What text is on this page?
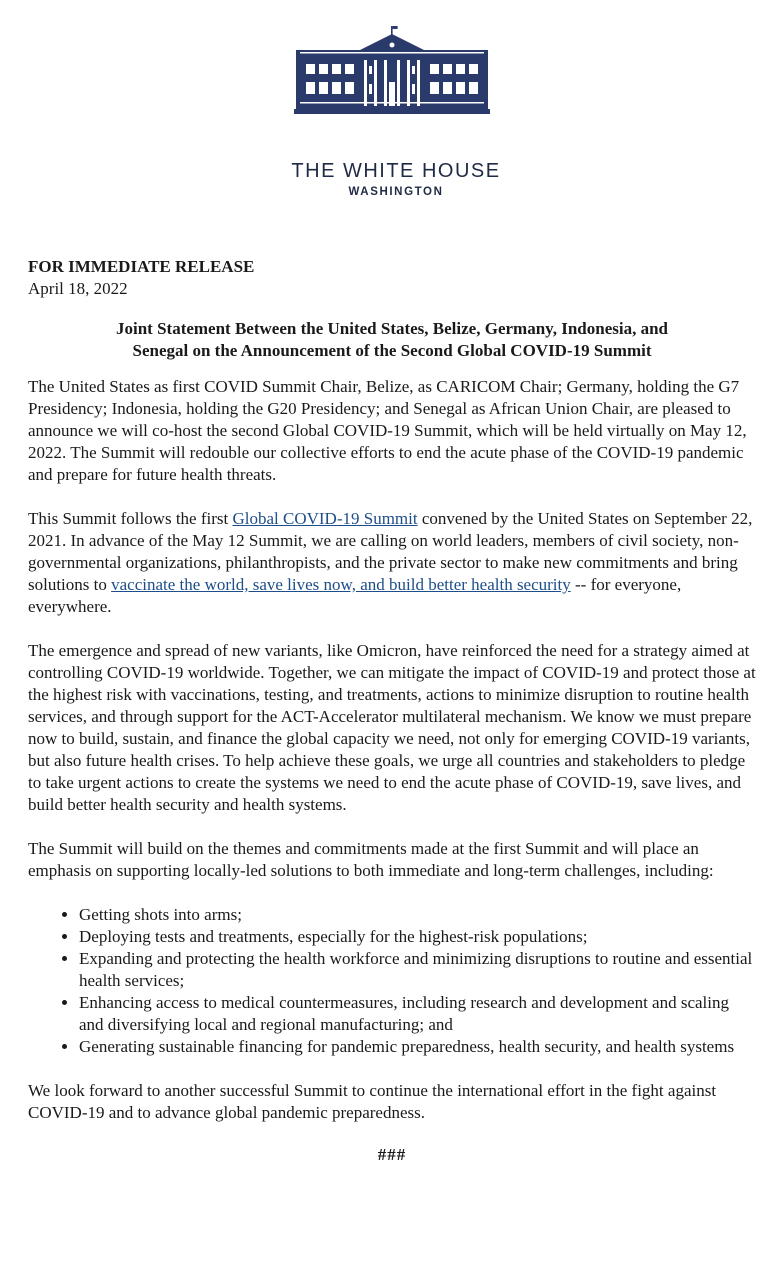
THE WHITE HOUSE
WASHINGTON
FOR IMMEDIATE RELEASE
April 18, 2022
Joint Statement Between the United States, Belize, Germany, Indonesia, and
Senegal on the Announcement of the Second Global COVID-19 Summit

The United States as first COVID Summit Chair, Belize, as CARICOM Chair; Germany, holding the G7 Presidency; Indonesia, holding the G20 Presidency; and Senegal as African Union Chair, are pleased to announce we will co-host the second Global COVID-19 Summit, which will be held virtually on May 12, 2022. The Summit will redouble our collective efforts to end the acute phase of the COVID-19 pandemic and prepare for future health threats.

This Summit follows the first Global COVID-19 Summit convened by the United States on September 22, 2021. In advance of the May 12 Summit, we are calling on world leaders, members of civil society, non-governmental organizations, philanthropists, and the private sector to make new commitments and bring solutions to vaccinate the world, save lives now, and build better health security -- for everyone, everywhere.

The emergence and spread of new variants, like Omicron, have reinforced the need for a strategy aimed at controlling COVID-19 worldwide. Together, we can mitigate the impact of COVID-19 and protect those at the highest risk with vaccinations, testing, and treatments, actions to minimize disruption to routine health services, and through support for the ACT-Accelerator multilateral mechanism. We know we must prepare now to build, sustain, and finance the global capacity we need, not only for emerging COVID-19 variants, but also future health crises. To help achieve these goals, we urge all countries and stakeholders to pledge to take urgent actions to create the systems we need to end the acute phase of COVID-19, save lives, and build better health security and health systems.

The Summit will build on the themes and commitments made at the first Summit and will place an emphasis on supporting locally-led solutions to both immediate and long-term challenges, including:

• Getting shots into arms;
• Deploying tests and treatments, especially for the highest-risk populations;
• Expanding and protecting the health workforce and minimizing disruptions to routine and essential health services;
• Enhancing access to medical countermeasures, including research and development and scaling and diversifying local and regional manufacturing; and
• Generating sustainable financing for pandemic preparedness, health security, and health systems

We look forward to another successful Summit to continue the international effort in the fight against COVID-19 and to advance global pandemic preparedness.

###
